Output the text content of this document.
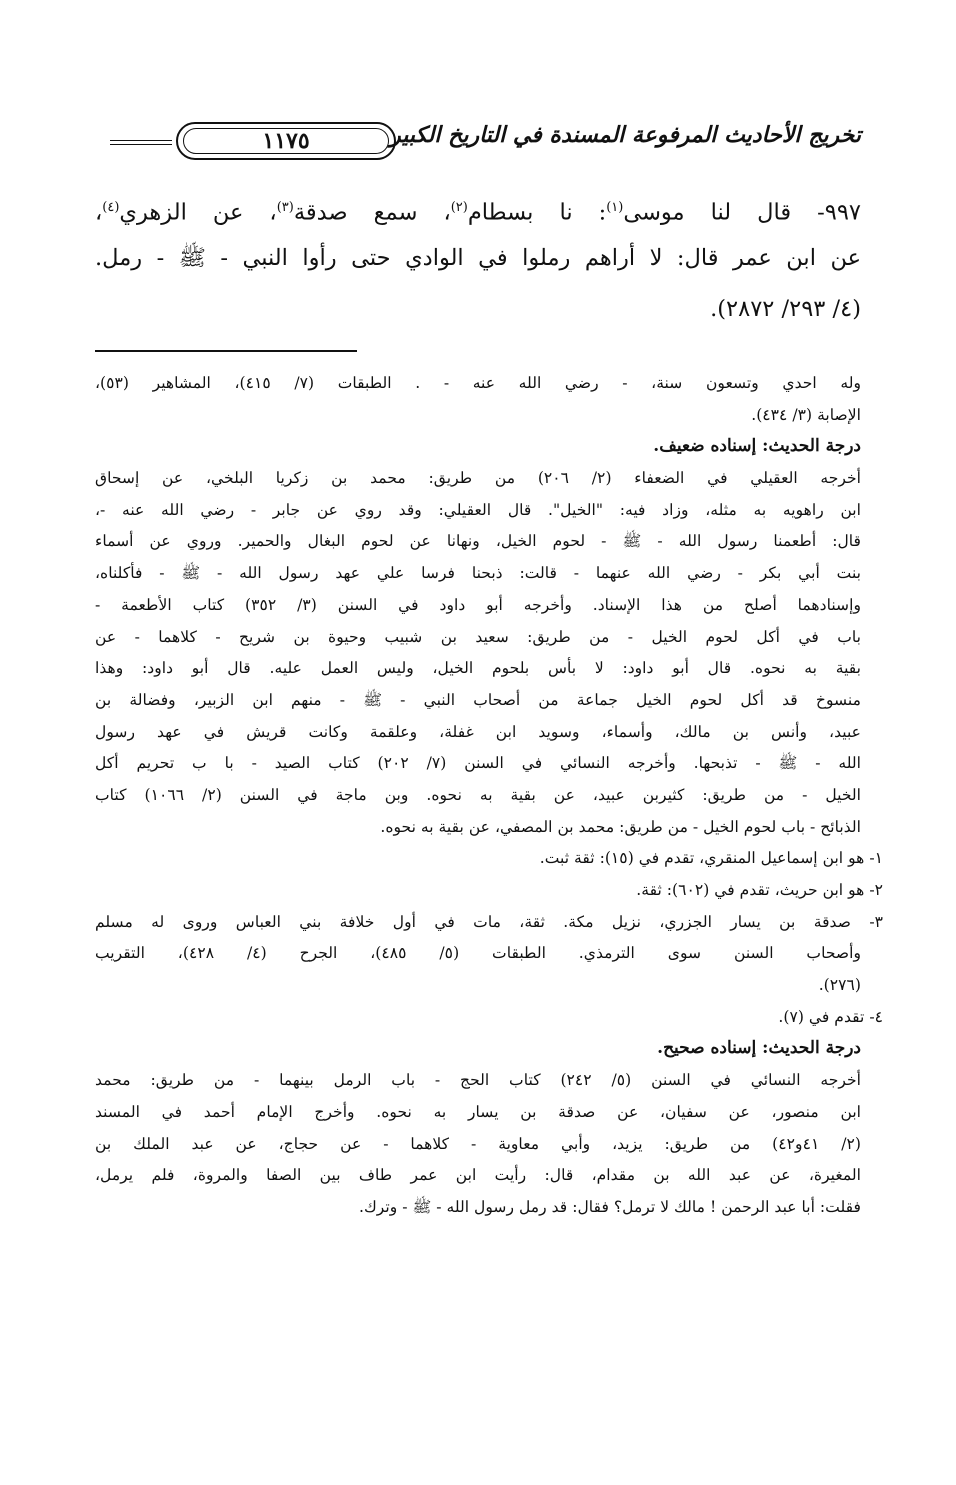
تخريج الأحاديث المرفوعة المسندة في التاريخ الكبير
١١٧٥
٩٩٧- قال لنا موسى$^{(١)}$: نا بسطام$^{(٢)}$، سمع صدقة$^{(٣)}$، عن الزهري$^{(٤)}$،
عن ابن عمر قال: لا أراهم رملوا في الوادي حتى رأوا النبي - ﷺ - رمل.
(٤/ ٢٩٣/ ٢٨٧٢).
وله احدي وتسعون سنة، - رضي الله عنه - . الطبقات (٧/ ٤١٥)، المشاهير (٥٣)،
الإصابة (٣/ ٤٣٤).
درجة الحديث: إسناده ضعيف.
أخرجه العقيلي في الضعفاء (٢/ ٢٠٦) من طريق: محمد بن زكريا البلخي، عن إسحاق
ابن راهويه به مثله، وزاد فيه: "الخيل". قال العقيلي: وقد روي عن جابر - رضي الله عنه -،
قال: أطعمنا رسول الله - ﷺ - لحوم الخيل، ونهانا عن لحوم البغال والحمير. وروي عن أسماء
بنت أبي بكر - رضي الله عنهما - قالت: ذبحنا فرسا علي عهد رسول الله - ﷺ - فأكلناه،
وإسنادهما أصلح من هذا الإسناد. وأخرجه أبو داود في السنن (٣/ ٣٥٢) كتاب الأطعمة -
باب في أكل لحوم الخيل - من طريق: سعيد بن شبيب وحيوة بن شريح - كلاهما - عن
بقية به نحوه. قال أبو داود: لا بأس بلحوم الخيل، وليس العمل عليه. قال أبو داود: وهذا
منسوخ قد أكل لحوم الخيل جماعة من أصحاب النبي - ﷺ - منهم ابن الزبير، وفضالة بن
عبيد، وأنس بن مالك، وأسماء، وسويد ابن غفلة، وعلقمة وكانت قريش في عهد رسول
الله - ﷺ - تذبحها. وأخرجه النسائي في السنن (٧/ ٢٠٢) كتاب الصيد - با ب تحريم أكل
الخيل - من طريق: كثيربن عبيد، عن بقية به نحوه. وبن ماجة في السنن (٢/ ١٠٦٦) كتاب
الذبائح - باب لحوم الخيل - من طريق: محمد بن المصفي، عن بقية به نحوه.
١- هو ابن إسماعيل المنقري، تقدم في (١٥): ثقة ثبت.
٢- هو ابن حريث، تقدم في (٦٠٢): ثقة.
٣- صدقة بن يسار الجزري، نزيل مكة. ثقة، مات في أول خلافة بني العباس وروى له مسلم
وأصحاب السنن سوى الترمذي. الطبقات (٥/ ٤٨٥)، الجرح (٤/ ٤٢٨)، التقريب
(٢٧٦).
٤- تقدم في (٧).
درجة الحديث: إسناده صحيح.
أخرجه النسائي في السنن (٥/ ٢٤٢) كتاب الحج - باب الرمل بينهما - من طريق: محمد
ابن منصور، عن سفيان، عن صدقة بن يسار به نحوه. وأخرج الإمام أحمد في المسند
(٢/ ٤١و٤٢) من طريق: يزيد، وأبي معاوية - كلاهما - عن حجاج، عن عبد الملك بن
المغيرة، عن عبد الله بن مقدام، قال: رأيت ابن عمر طاف بين الصفا والمروة، فلم يرمل،
فقلت: أبا عبد الرحمن ! مالك لا ترمل؟ فقال: قد رمل رسول الله - ﷺ - وترك.
